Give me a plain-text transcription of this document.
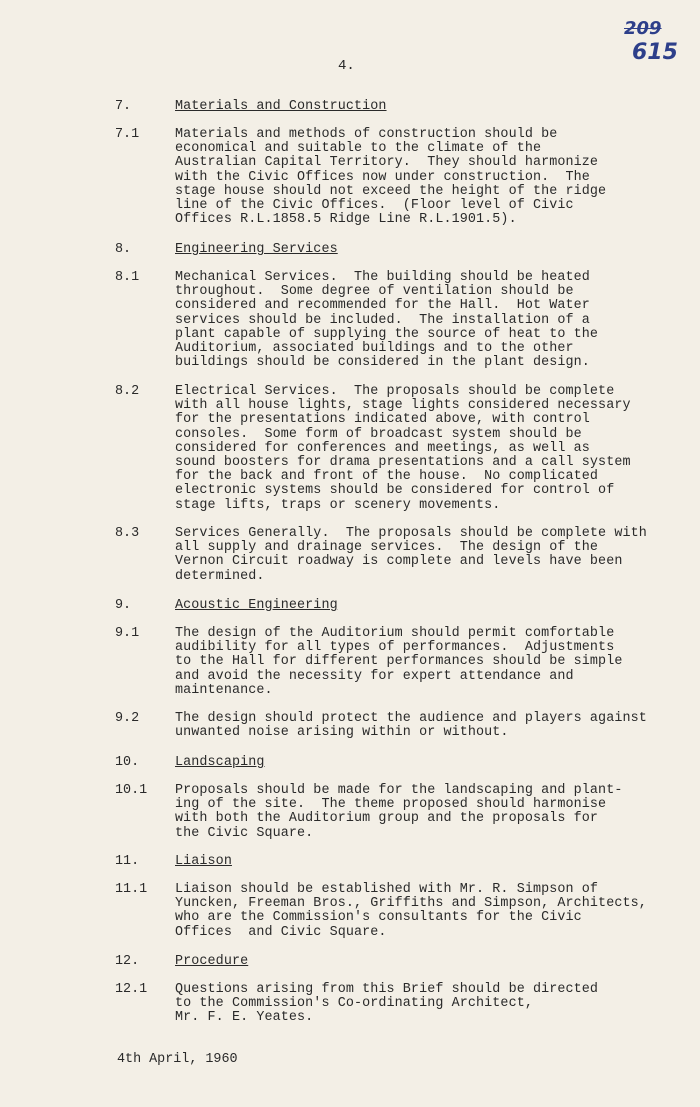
209
615
4.
7.	Materials and Construction
7.1	Materials and methods of construction should be
economical and suitable to the climate of the
Australian Capital Territory.  They should harmonize
with the Civic Offices now under construction.  The
stage house should not exceed the height of the ridge
line of the Civic Offices.  (Floor level of Civic
Offices R.L.1858.5 Ridge Line R.L.1901.5).
8.	Engineering Services
8.1	Mechanical Services.  The building should be heated
throughout.  Some degree of ventilation should be
considered and recommended for the Hall.  Hot Water
services should be included.  The installation of a
plant capable of supplying the source of heat to the
Auditorium, associated buildings and to the other
buildings should be considered in the plant design.
8.2	Electrical Services.  The proposals should be complete
with all house lights, stage lights considered necessary
for the presentations indicated above, with control
consoles.  Some form of broadcast system should be
considered for conferences and meetings, as well as
sound boosters for drama presentations and a call system
for the back and front of the house.  No complicated
electronic systems should be considered for control of
stage lifts, traps or scenery movements.
8.3	Services Generally.  The proposals should be complete with
all supply and drainage services.  The design of the
Vernon Circuit roadway is complete and levels have been
determined.
9.	Acoustic Engineering
9.1	The design of the Auditorium should permit comfortable
audibility for all types of performances.  Adjustments
to the Hall for different performances should be simple
and avoid the necessity for expert attendance and
maintenance.
9.2	The design should protect the audience and players against
unwanted noise arising within or without.
10.	Landscaping
10.1 Proposals should be made for the landscaping and plant-
ing of the site.  The theme proposed should harmonise
with both the Auditorium group and the proposals for
the Civic Square.
11.	Liaison
11.1 Liaison should be established with Mr. R. Simpson of
Yuncken, Freeman Bros., Griffiths and Simpson, Architects,
who are the Commission's consultants for the Civic
Offices  and Civic Square.
12.	Procedure
12.1 Questions arising from this Brief should be directed
to the Commission's Co-ordinating Architect,
Mr. F. E. Yeates.
4th April, 1960
